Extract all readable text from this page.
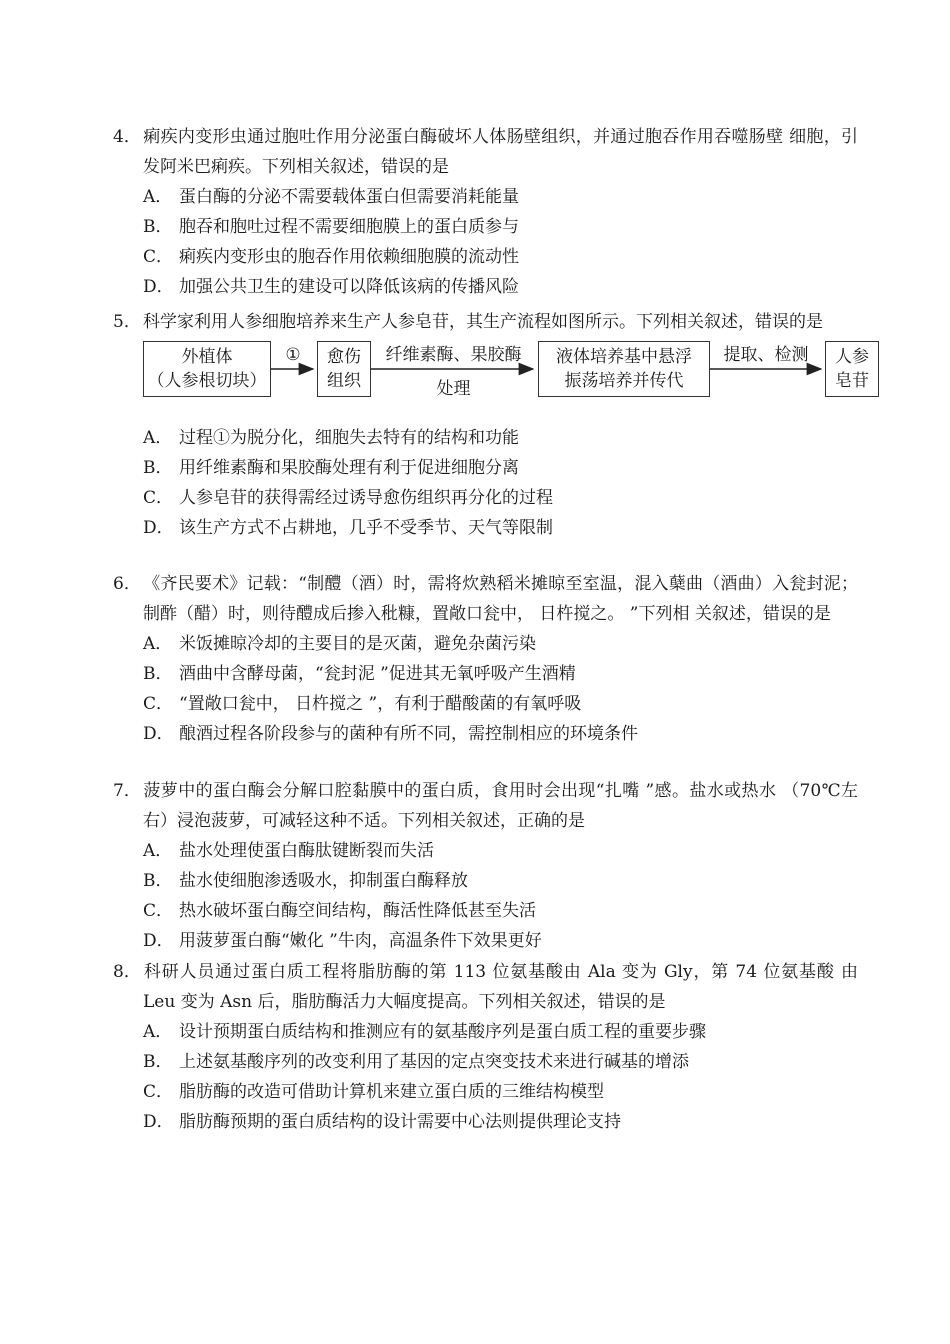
4． 痢疾内变形虫通过胞吐作用分泌蛋白酶破坏人体肠壁组织，并通过胞吞作用吞噬肠壁 细胞，引发阿米巴痢疾。下列相关叙述，错误的是

A． 蛋白酶的分泌不需要载体蛋白但需要消耗能量
B． 胞吞和胞吐过程不需要细胞膜上的蛋白质参与
C． 痢疾内变形虫的胞吞作用依赖细胞膜的流动性
D． 加强公共卫生的建设可以降低该病的传播风险

5． 科学家利用人参细胞培养来生产人参皂苷，其生产流程如图所示。下列相关叙述，错误的是

外植体
（人参根切块）
①	愈伤
组织
纤维素酶、果胶酶
处理
液体培养基中悬浮
振荡培养并传代
提取、检测	人参
皂苷
A． 过程①为脱分化，细胞失去特有的结构和功能
B． 用纤维素酶和果胶酶处理有利于促进细胞分离
C． 人参皂苷的获得需经过诱导愈伤组织再分化的过程
D． 该生产方式不占耕地，几乎不受季节、天气等限制

6． 《齐民要术》记载：“制醴（酒）时，需将炊熟稻米摊晾至室温，混入蘖曲（酒曲）入瓮封泥；制酢（醋）时，则待醴成后掺入秕糠，置敞口瓮中， 日杵搅之。 ”下列相 关叙述，错误的是

A． 米饭摊晾冷却的主要目的是灭菌，避免杂菌污染
B． 酒曲中含酵母菌，“瓮封泥 ”促进其无氧呼吸产生酒精
C． “置敞口瓮中， 日杵搅之 ”，有利于醋酸菌的有氧呼吸
D． 酿酒过程各阶段参与的菌种有所不同，需控制相应的环境条件

7． 菠萝中的蛋白酶会分解口腔黏膜中的蛋白质，食用时会出现“扎嘴 ”感。盐水或热水 （70℃左右）浸泡菠萝，可减轻这种不适。下列相关叙述，正确的是

A． 盐水处理使蛋白酶肽键断裂而失活
B． 盐水使细胞渗透吸水，抑制蛋白酶释放
C． 热水破坏蛋白酶空间结构，酶活性降低甚至失活
D． 用菠萝蛋白酶“嫩化 ”牛肉，高温条件下效果更好

8． 科研人员通过蛋白质工程将脂肪酶的第 113 位氨基酸由 Ala 变为 Gly，第 74 位氨基酸 由 Leu 变为 Asn 后，脂肪酶活力大幅度提高。下列相关叙述，错误的是

A． 设计预期蛋白质结构和推测应有的氨基酸序列是蛋白质工程的重要步骤
B． 上述氨基酸序列的改变利用了基因的定点突变技术来进行碱基的增添
C． 脂肪酶的改造可借助计算机来建立蛋白质的三维结构模型
D． 脂肪酶预期的蛋白质结构的设计需要中心法则提供理论支持
